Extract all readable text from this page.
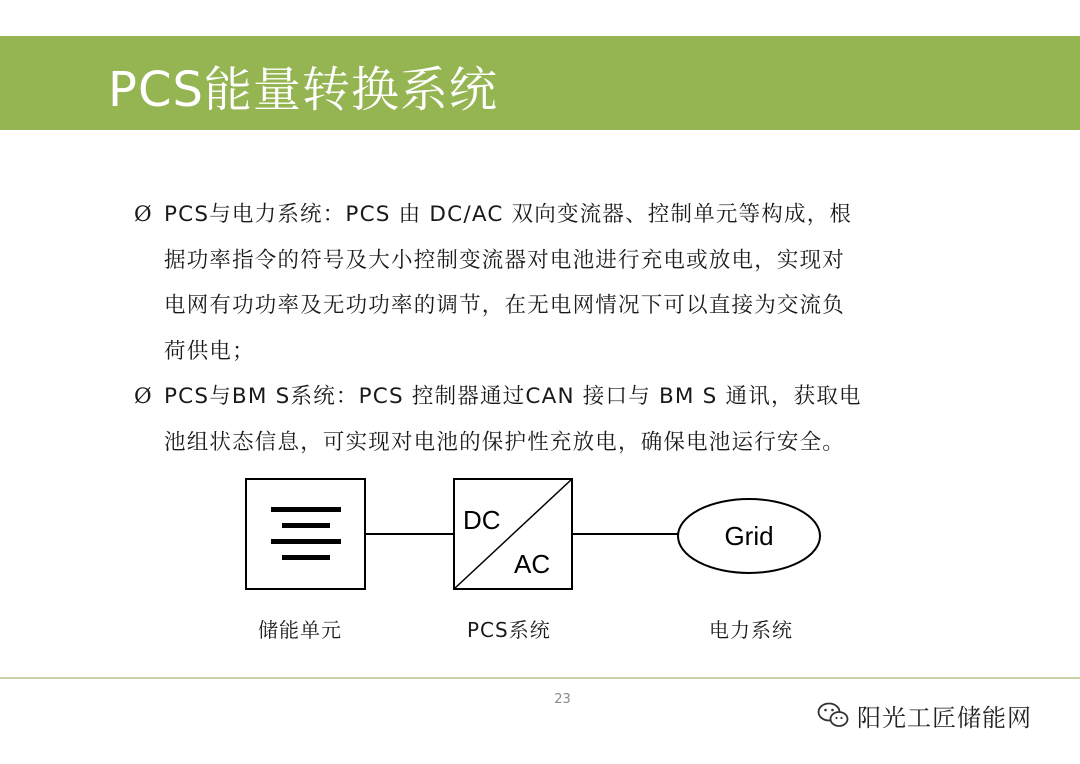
PCS能量转换系统
Ø PCS与电力系统：PCS 由 DC/AC 双向变流器、控制单元等构成，根
据功率指令的符号及大小控制变流器对电池进行充电或放电，实现对
电网有功功率及无功功率的调节，在无电网情况下可以直接为交流负
荷供电；
Ø PCS与BM S系统：PCS 控制器通过CAN 接口与 BM S 通讯，获取电
池组状态信息，可实现对电池的保护性充放电，确保电池运行安全。
DC
AC
Grid
储能单元	PCS系统	电力系统
23
阳光工匠储能网
